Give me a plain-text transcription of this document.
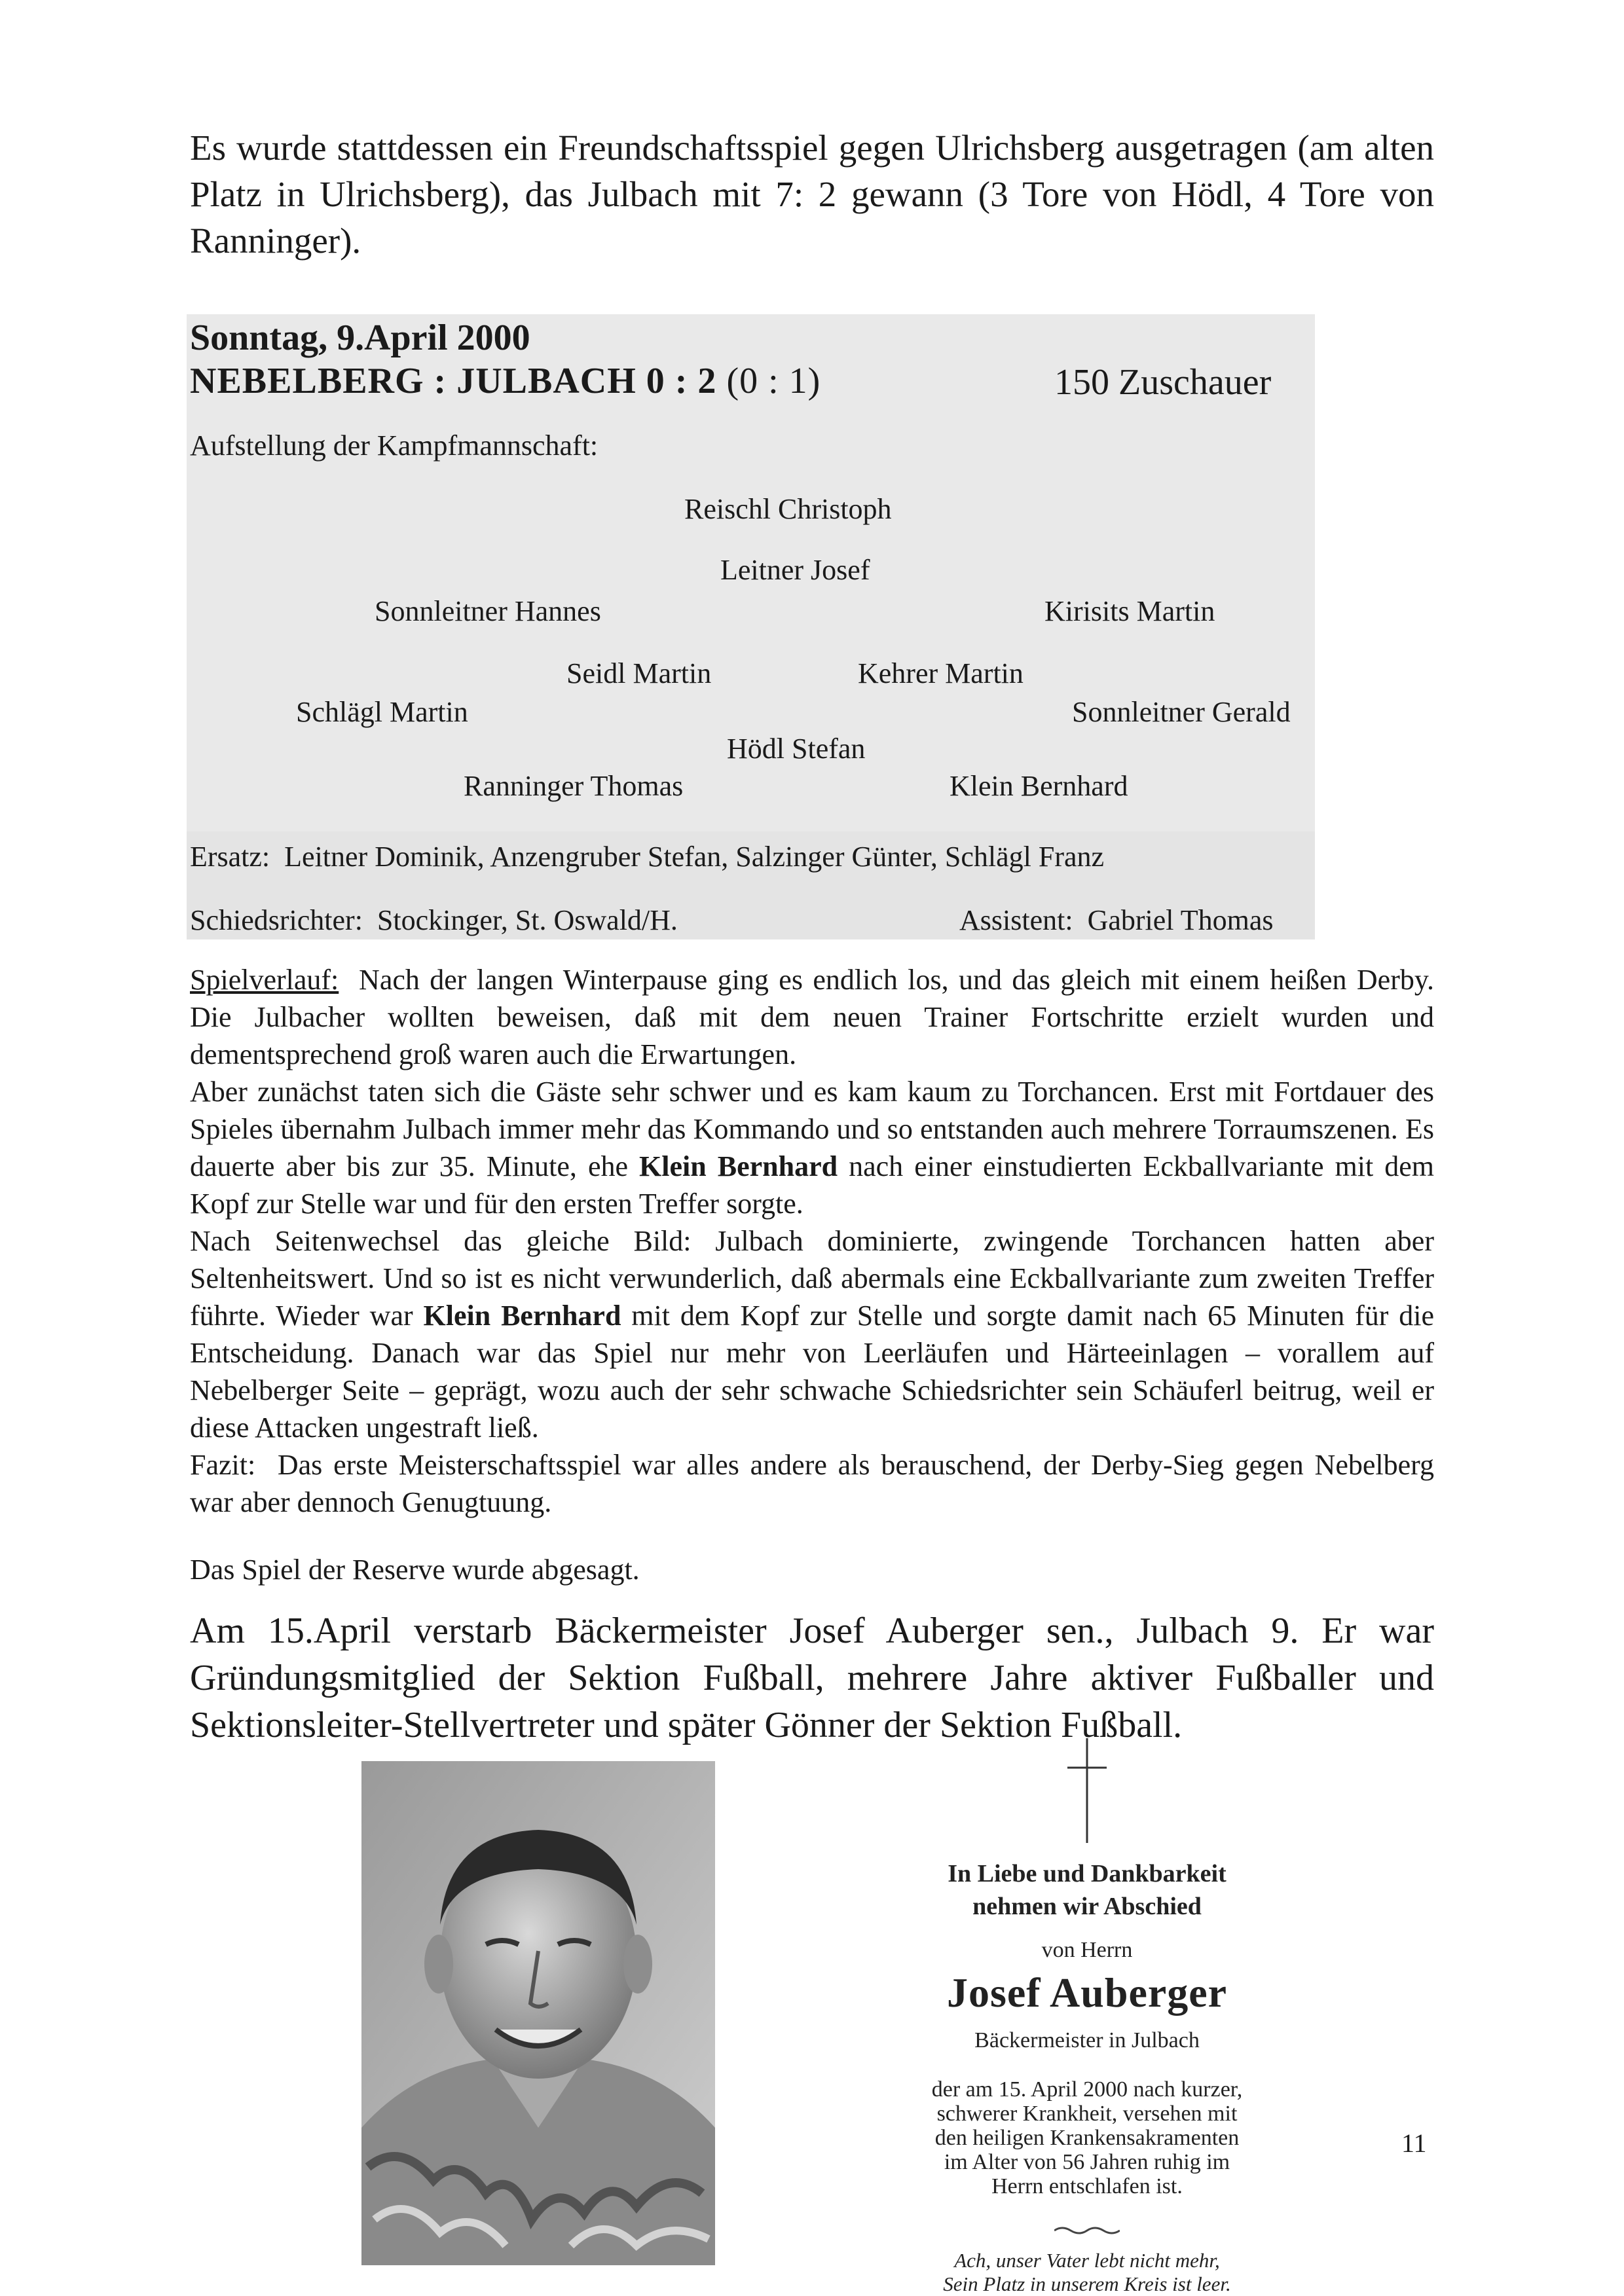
Es wurde stattdessen ein Freundschaftsspiel gegen Ulrichsberg ausgetragen (am alten Platz in Ulrichsberg), das Julbach mit 7: 2 gewann (3 Tore von Hödl, 4 Tore von Ranninger).
Sonntag, 9.April 2000
NEBELBERG : JULBACH 0 : 2 (0 : 1)	150 Zuschauer
Aufstellung der Kampfmannschaft:
Reischl Christoph
Leitner Josef
Sonnleitner Hannes	Kirisits Martin
Seidl Martin	Kehrer Martin
Schlägl Martin	Sonnleitner Gerald
Hödl Stefan
Ranninger Thomas	Klein Bernhard
Ersatz: Leitner Dominik, Anzengruber Stefan, Salzinger Günter, Schlägl Franz
Schiedsrichter: Stockinger, St. Oswald/H.	Assistent: Gabriel Thomas

Spielverlauf: Nach der langen Winterpause ging es endlich los, und das gleich mit einem heißen Derby. Die Julbacher wollten beweisen, daß mit dem neuen Trainer Fortschritte erzielt wurden und dementsprechend groß waren auch die Erwartungen.

Aber zunächst taten sich die Gäste sehr schwer und es kam kaum zu Torchancen. Erst mit Fortdauer des Spieles übernahm Julbach immer mehr das Kommando und so entstanden auch mehrere Torraumszenen. Es dauerte aber bis zur 35. Minute, ehe Klein Bernhard nach einer einstudierten Eckballvariante mit dem Kopf zur Stelle war und für den ersten Treffer sorgte.

Nach Seitenwechsel das gleiche Bild: Julbach dominierte, zwingende Torchancen hatten aber Seltenheitswert. Und so ist es nicht verwunderlich, daß abermals eine Eckballvariante zum zweiten Treffer führte. Wieder war Klein Bernhard mit dem Kopf zur Stelle und sorgte damit nach 65 Minuten für die Entscheidung. Danach war das Spiel nur mehr von Leerläufen und Härteeinlagen – vorallem auf Nebelberger Seite – geprägt, wozu auch der sehr schwache Schiedsrichter sein Schäuferl beitrug, weil er diese Attacken ungestraft ließ.

Fazit: Das erste Meisterschaftsspiel war alles andere als berauschend, der Derby-Sieg gegen Nebelberg war aber dennoch Genugtuung.

Das Spiel der Reserve wurde abgesagt.
Am 15.April verstarb Bäckermeister Josef Auberger sen., Julbach 9. Er war Gründungsmitglied der Sektion Fußball, mehrere Jahre aktiver Fußballer und Sektionsleiter-Stellvertreter und später Gönner der Sektion Fußball.
In Liebe und Dankbarkeit
nehmen wir Abschied
von Herrn
Josef Auberger
Bäckermeister in Julbach
der am 15. April 2000 nach kurzer,
schwerer Krankheit, versehen mit
den heiligen Krankensakramenten
im Alter von 56 Jahren ruhig im
Herrn entschlafen ist.
Ach, unser Vater lebt nicht mehr,
Sein Platz in unserem Kreis ist leer.
11
